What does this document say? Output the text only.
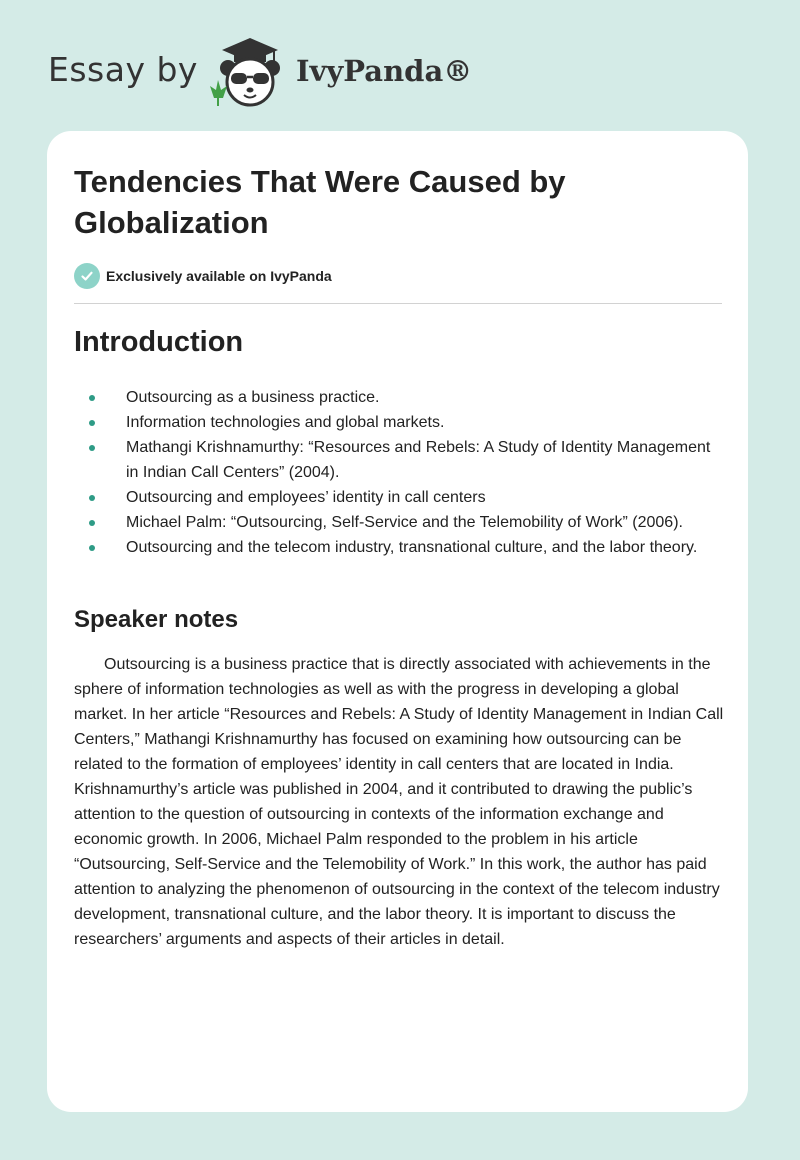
Essay by	IvyPanda®
Tendencies That Were Caused by Globalization
Exclusively available on IvyPanda
Introduction
Outsourcing as a business practice.
Information technologies and global markets.
Mathangi Krishnamurthy: “Resources and Rebels: A Study of Identity Management in Indian Call Centers” (2004).
Outsourcing and employees’ identity in call centers
Michael Palm: “Outsourcing, Self-Service and the Telemobility of Work” (2006).
Outsourcing and the telecom industry, transnational culture, and the labor theory.
Speaker notes

Outsourcing is a business practice that is directly associated with achievements in the sphere of information technologies as well as with the progress in developing a global market. In her article “Resources and Rebels: A Study of Identity Management in Indian Call Centers,” Mathangi Krishnamurthy has focused on examining how outsourcing can be related to the formation of employees’ identity in call centers that are located in India. Krishnamurthy’s article was published in 2004, and it contributed to drawing the public’s attention to the question of outsourcing in contexts of the information exchange and economic growth. In 2006, Michael Palm responded to the problem in his article “Outsourcing, Self-Service and the Telemobility of Work.” In this work, the author has paid attention to analyzing the phenomenon of outsourcing in the context of the telecom industry development, transnational culture, and the labor theory. It is important to discuss the researchers’ arguments and aspects of their articles in detail.
